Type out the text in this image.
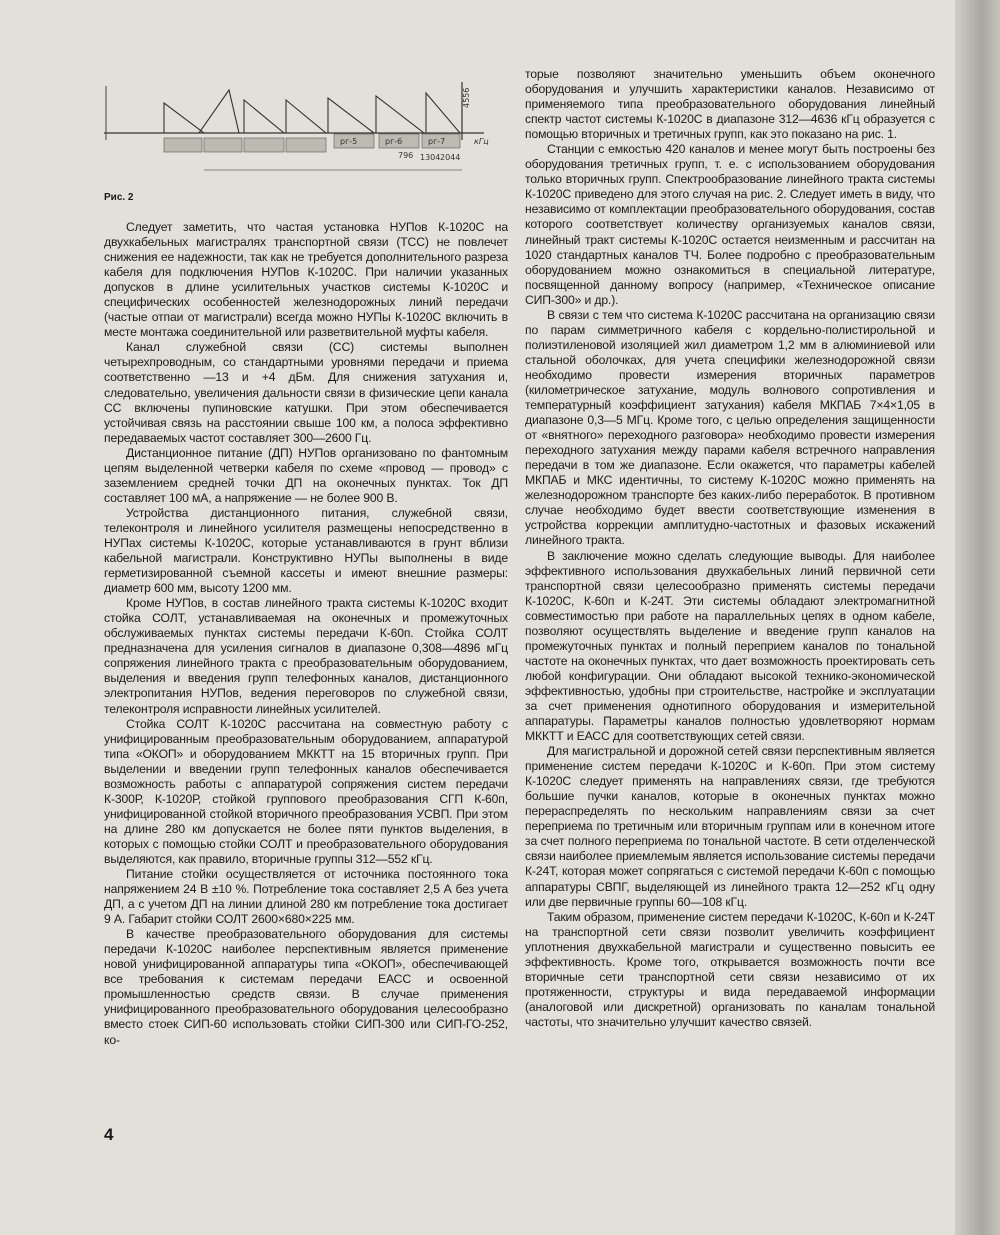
рг-5	рг-6	рг-7
796 1304 2044
кГц
4556
Рис. 2

Следует заметить, что частая установка НУПов К-1020С на двухкабельных магистралях транспортной связи (ТСС) не повлечет снижения ее надежности, так как не требуется дополнительного разреза кабеля для подключения НУПов К-1020С. При наличии указанных допусков в длине усилительных участков системы К-1020С и специфических особенностей железнодорожных линий передачи (частые отпаи от магистрали) всегда можно НУПы К-1020С включить в месте монтажа соединительной или разветвительной муфты кабеля.

Канал служебной связи (СС) системы выполнен четырехпроводным, со стандартными уровнями передачи и приема соответственно —13 и +4 дБм. Для снижения затухания и, следовательно, увеличения дальности связи в физические цепи канала СС включены пупиновские катушки. При этом обеспечивается устойчивая связь на расстоянии свыше 100 км, а полоса эффективно передаваемых частот составляет 300—2600 Гц.

Дистанционное питание (ДП) НУПов организовано по фантомным цепям выделенной четверки кабеля по схеме «провод — провод» с заземлением средней точки ДП на оконечных пунктах. Ток ДП составляет 100 мА, а напряжение — не более 900 В.

Устройства дистанционного питания, служебной связи, телеконтроля и линейного усилителя размещены непосредственно в НУПах системы К-1020С, которые устанавливаются в грунт вблизи кабельной магистрали. Конструктивно НУПы выполнены в виде герметизированной съемной кассеты и имеют внешние размеры: диаметр 600 мм, высоту 1200 мм.

Кроме НУПов, в состав линейного тракта системы К-1020С входит стойка СОЛТ, устанавливаемая на оконечных и промежуточных обслуживаемых пунктах системы передачи К-60п. Стойка СОЛТ предназначена для усиления сигналов в диапазоне 0,308—4896 мГц сопряжения линейного тракта с преобразовательным оборудованием, выделения и введения групп телефонных каналов, дистанционного электропитания НУПов, ведения переговоров по служебной связи, телеконтроля исправности линейных усилителей.

Стойка СОЛТ К-1020С рассчитана на совместную работу с унифицированным преобразовательным оборудованием, аппаратурой типа «ОКОП» и оборудованием МККТТ на 15 вторичных групп. При выделении и введении групп телефонных каналов обеспечивается возможность работы с аппаратурой сопряжения систем передачи К-300Р, К-1020Р, стойкой группового преобразования СГП К-60п, унифицированной стойкой вторичного преобразования УСВП. При этом на длине 280 км допускается не более пяти пунктов выделения, в которых с помощью стойки СОЛТ и преобразовательного оборудования выделяются, как правило, вторичные группы 312—552 кГц.

Питание стойки осуществляется от источника постоянного тока напряжением 24 В ±10 %. Потребление тока составляет 2,5 А без учета ДП, а с учетом ДП на линии длиной 280 км потребление тока достигает 9 А. Габарит стойки СОЛТ 2600×680×225 мм.

В качестве преобразовательного оборудования для системы передачи К-1020С наиболее перспективным является применение новой унифицированной аппаратуры типа «ОКОП», обеспечивающей все требования к системам передачи ЕАСС и освоенной промышленностью средств связи. В случае применения унифицированного преобразовательного оборудования целесообразно вместо стоек СИП-60 использовать стойки СИП-300 или СИП-ГО-252, ко-

торые позволяют значительно уменьшить объем оконечного оборудования и улучшить характеристики каналов. Независимо от применяемого типа преобразовательного оборудования линейный спектр частот системы К-1020С в диапазоне 312—4636 кГц образуется с помощью вторичных и третичных групп, как это показано на рис. 1.

Станции с емкостью 420 каналов и менее могут быть построены без оборудования третичных групп, т. е. с использованием оборудования только вторичных групп. Спектрообразование линейного тракта системы К-1020С приведено для этого случая на рис. 2. Следует иметь в виду, что независимо от комплектации преобразовательного оборудования, состав которого соответствует количеству организуемых каналов связи, линейный тракт системы К-1020С остается неизменным и рассчитан на 1020 стандартных каналов ТЧ. Более подробно с преобразовательным оборудованием можно ознакомиться в специальной литературе, посвященной данному вопросу (например, «Техническое описание СИП-300» и др.).

В связи с тем что система К-1020С рассчитана на организацию связи по парам симметричного кабеля с кордельно-полистирольной и полиэтиленовой изоляцией жил диаметром 1,2 мм в алюминиевой или стальной оболочках, для учета специфики железнодорожной связи необходимо провести измерения вторичных параметров (километрическое затухание, модуль волнового сопротивления и температурный коэффициент затухания) кабеля МКПАБ 7×4×1,05 в диапазоне 0,3—5 МГц. Кроме того, с целью определения защищенности от «внятного» переходного разговора» необходимо провести измерения переходного затухания между парами кабеля встречного направления передачи в том же диапазоне. Если окажется, что параметры кабелей МКПАБ и МКС идентичны, то систему К-1020С можно применять на железнодорожном транспорте без каких-либо переработок. В противном случае необходимо будет ввести соответствующие изменения в устройства коррекции амплитудно-частотных и фазовых искажений линейного тракта.

В заключение можно сделать следующие выводы. Для наиболее эффективного использования двухкабельных линий первичной сети транспортной связи целесообразно применять системы передачи К-1020С, К-60п и К-24Т. Эти системы обладают электромагнитной совместимостью при работе на параллельных цепях в одном кабеле, позволяют осуществлять выделение и введение групп каналов на промежуточных пунктах и полный переприем каналов по тональной частоте на оконечных пунктах, что дает возможность проектировать сеть любой конфигурации. Они обладают высокой технико-экономической эффективностью, удобны при строительстве, настройке и эксплуатации за счет применения однотипного оборудования и измерительной аппаратуры. Параметры каналов полностью удовлетворяют нормам МККТТ и ЕАСС для соответствующих сетей связи.

Для магистральной и дорожной сетей связи перспективным является применение систем передачи К-1020С и К-60п. При этом систему К-1020С следует применять на направлениях связи, где требуются большие пучки каналов, которые в оконечных пунктах можно перераспределять по нескольким направлениям связи за счет переприема по третичным или вторичным группам или в конечном итоге за счет полного переприема по тональной частоте. В сети отделенческой связи наиболее приемлемым является использование системы передачи К-24Т, которая может сопрягаться с системой передачи К-60п с помощью аппаратуры СВПГ, выделяющей из линейного тракта 12—252 кГц одну или две первичные группы 60—108 кГц.

Таким образом, применение систем передачи К-1020С, К-60п и К-24Т на транспортной сети связи позволит увеличить коэффициент уплотнения двухкабельной магистрали и существенно повысить ее эффективность. Кроме того, открывается возможность почти все вторичные сети транспортной сети связи независимо от их протяженности, структуры и вида передаваемой информации (аналоговой или дискретной) организовать по каналам тональной частоты, что значительно улучшит качество связей.

4
